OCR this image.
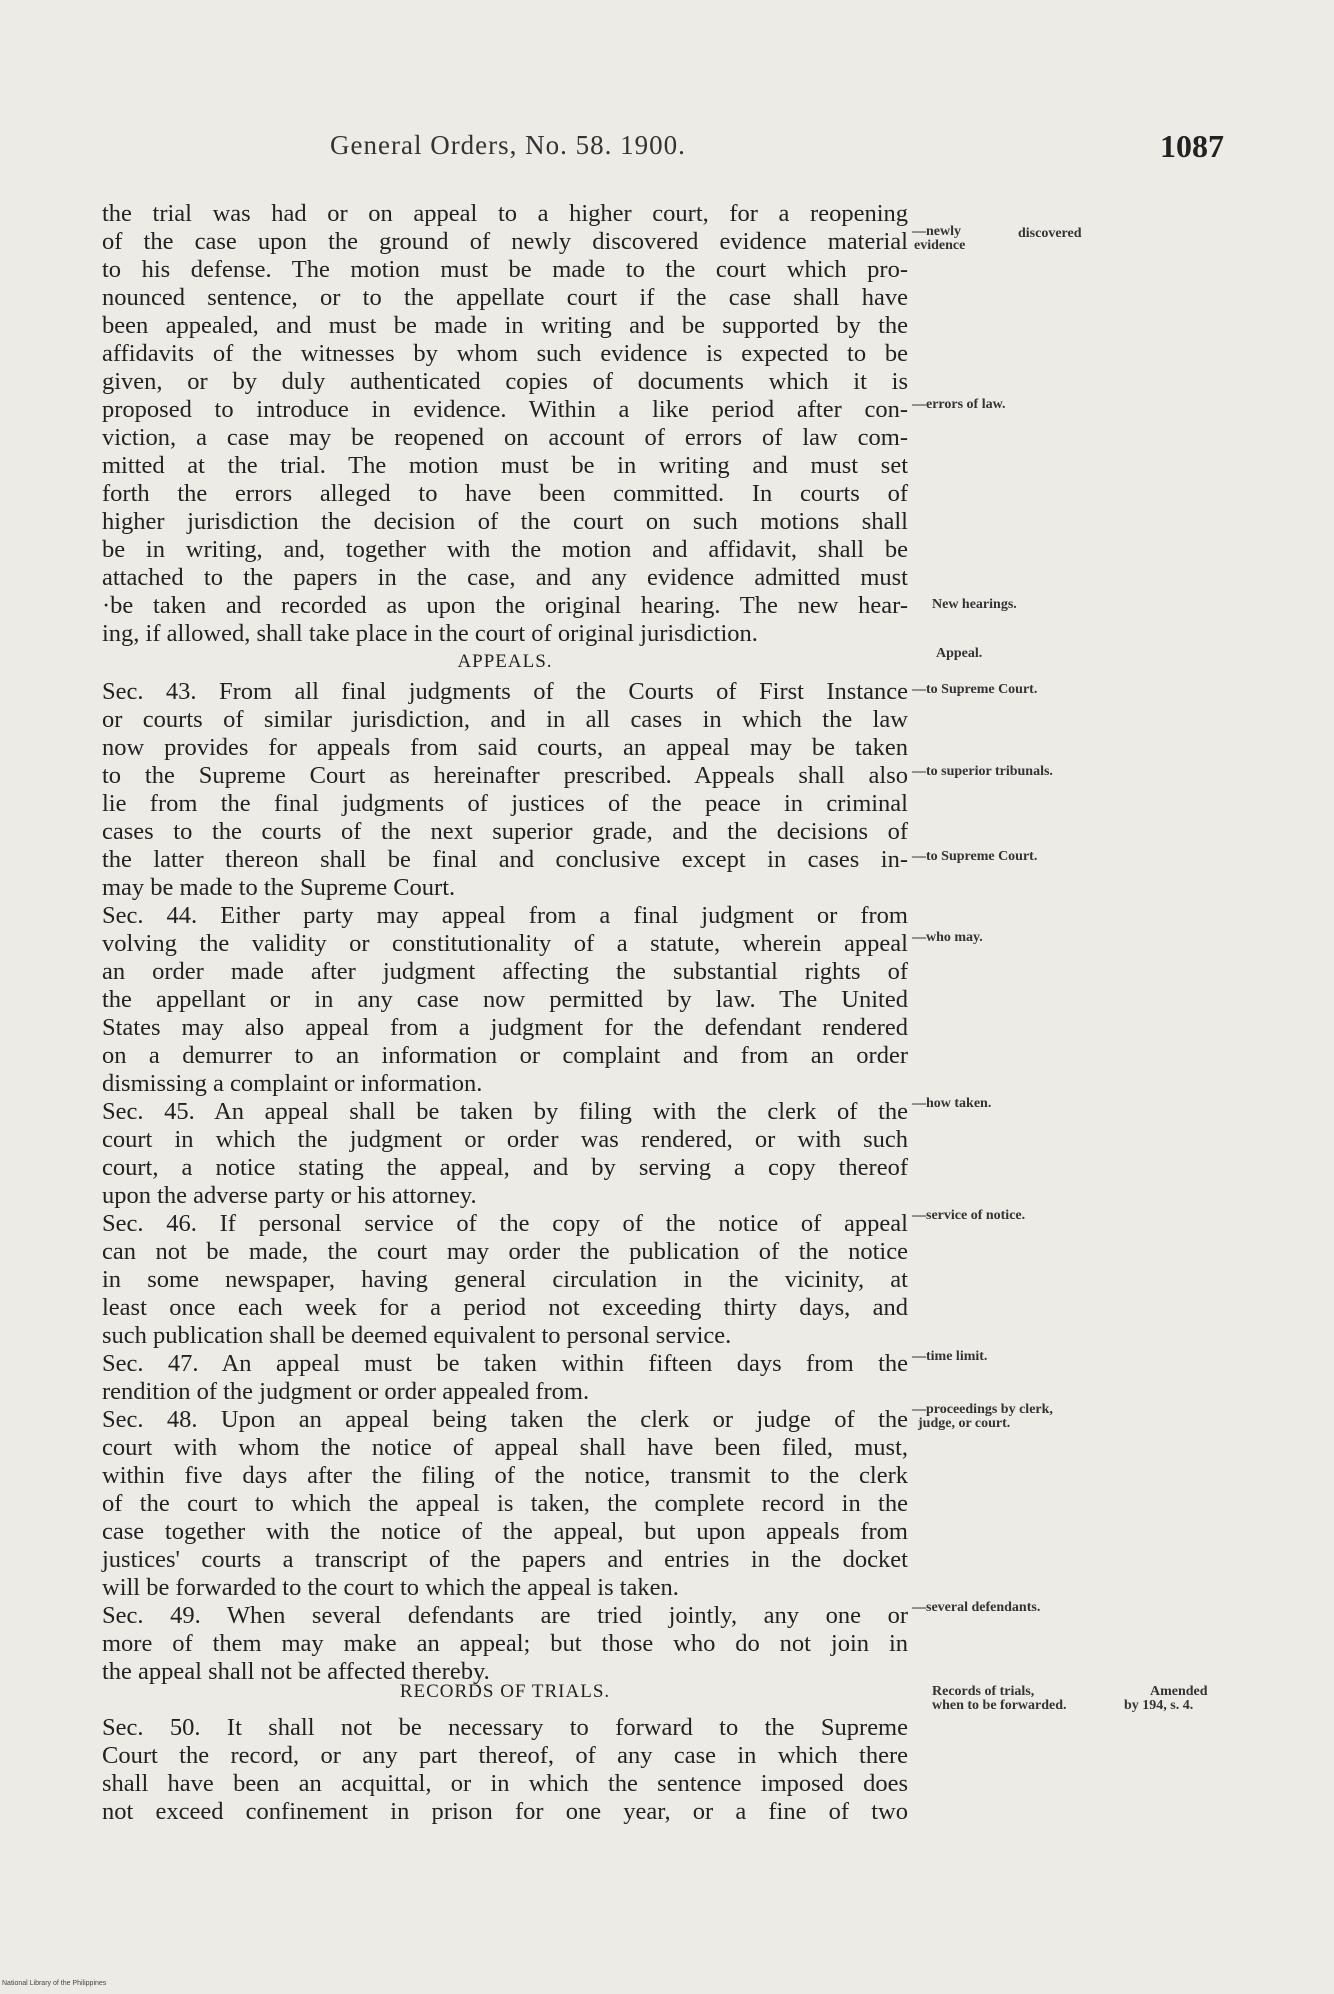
General Orders, No. 58. 1900.	1087
the trial was had or on appeal to a higher court, for a reopening
of the case upon the ground of newly discovered evidence material
to his defense. The motion must be made to the court which pro-
nounced sentence, or to the appellate court if the case shall have
been appealed, and must be made in writing and be supported by the
affidavits of the witnesses by whom such evidence is expected to be
given, or by duly authenticated copies of documents which it is
proposed to introduce in evidence. Within a like period after con-
viction, a case may be reopened on account of errors of law com-
mitted at the trial. The motion must be in writing and must set
forth the errors alleged to have been committed. In courts of
higher jurisdiction the decision of the court on such motions shall
be in writing, and, together with the motion and affidavit, shall be
attached to the papers in the case, and any evidence admitted must
·be taken and recorded as upon the original hearing. The new hear-
ing, if allowed, shall take place in the court of original jurisdiction.
APPEALS.
Sec. 43. From all final judgments of the Courts of First Instance
or courts of similar jurisdiction, and in all cases in which the law
now provides for appeals from said courts, an appeal may be taken
to the Supreme Court as hereinafter prescribed. Appeals shall also
lie from the final judgments of justices of the peace in criminal
cases to the courts of the next superior grade, and the decisions of
the latter thereon shall be final and conclusive except in cases in-
may be made to the Supreme Court.
Sec. 44. Either party may appeal from a final judgment or from
volving the validity or constitutionality of a statute, wherein appeal
an order made after judgment affecting the substantial rights of
the appellant or in any case now permitted by law. The United
States may also appeal from a judgment for the defendant rendered
on a demurrer to an information or complaint and from an order
dismissing a complaint or information.
Sec. 45. An appeal shall be taken by filing with the clerk of the
court in which the judgment or order was rendered, or with such
court, a notice stating the appeal, and by serving a copy thereof
upon the adverse party or his attorney.
Sec. 46. If personal service of the copy of the notice of appeal
can not be made, the court may order the publication of the notice
in some newspaper, having general circulation in the vicinity, at
least once each week for a period not exceeding thirty days, and
such publication shall be deemed equivalent to personal service.
Sec. 47. An appeal must be taken within fifteen days from the
rendition of the judgment or order appealed from.
Sec. 48. Upon an appeal being taken the clerk or judge of the
court with whom the notice of appeal shall have been filed, must,
within five days after the filing of the notice, transmit to the clerk
of the court to which the appeal is taken, the complete record in the
case together with the notice of the appeal, but upon appeals from
justices' courts a transcript of the papers and entries in the docket
will be forwarded to the court to which the appeal is taken.
Sec. 49. When several defendants are tried jointly, any one or
more of them may make an appeal; but those who do not join in
the appeal shall not be affected thereby.
RECORDS OF TRIALS.
Sec. 50. It shall not be necessary to forward to the Supreme
Court the record, or any part thereof, of any case in which there
shall have been an acquittal, or in which the sentence imposed does
not exceed confinement in prison for one year, or a fine of two
—newly
evidence
discovered
—errors of law.
New hearings.
Appeal.
—to Supreme Court.
—to superior tribunals.
—to Supreme Court.
—who may.
—how taken.
—service of notice.
—time limit.
—proceedings by clerk,
judge, or court.
—several defendants.
Records of trials,
when to be forwarded.
Amended
by 194, s. 4.
National Library of the Philippines
